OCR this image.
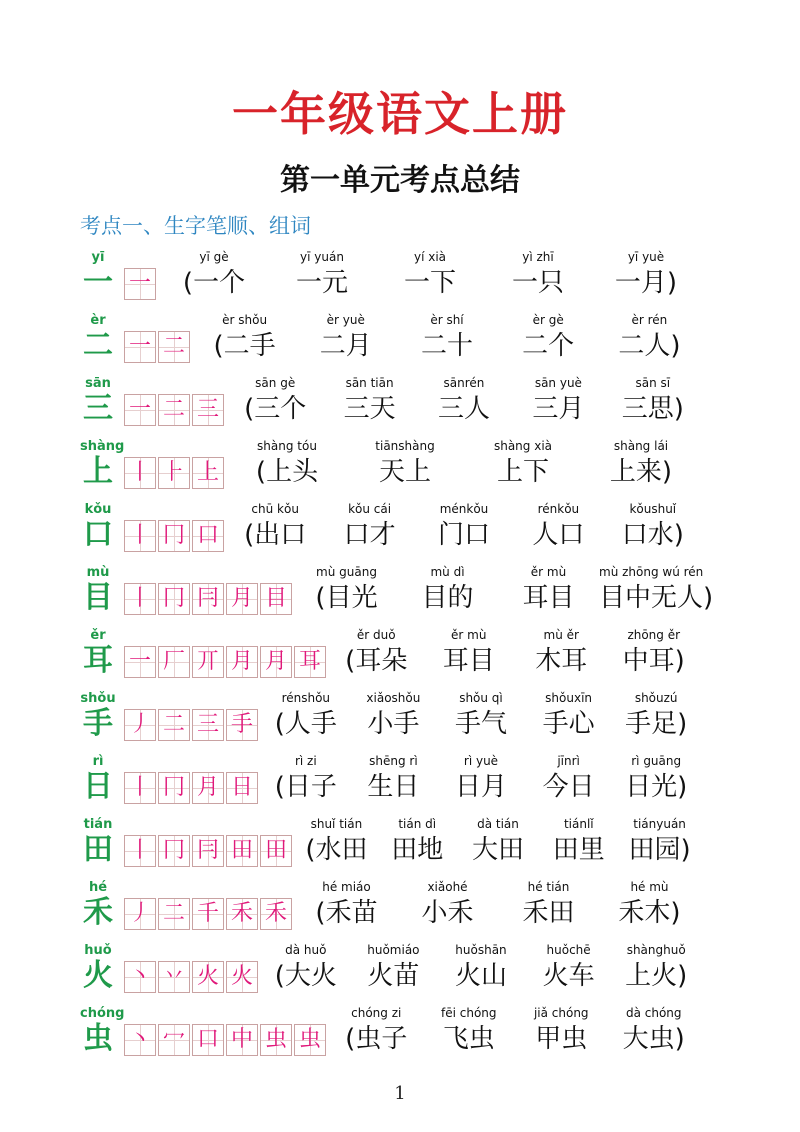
一年级语文上册
第一单元考点总结
考点一、生字笔顺、组词
yī
一 一
yī gè
(一个
yī yuán
一元
yí xià
一下
yì zhī
一只
yī yuè
一月)
èr
二 一 二
èr shǒu
(二手
èr yuè
二月
èr shí
二十
èr gè
二个
èr rén
二人)
sān
三 一 二 三
sān gè
(三个
sān tiān
三天
sānrén
三人
sān yuè
三月
sān sī
三思)
shàng
上 丨 ⺊ 上
shàng tóu
(上头
tiānshàng
天上
shàng xià
上下
shàng lái
上来)
kǒu
口 丨 冂 口
chū kǒu
(出口
kǒu cái
口才
ménkǒu
门口
rénkǒu
人口
kǒushuǐ
口水)
mù
目 丨 冂 冃 月 目
mù guāng
(目光
mù dì
目的
ěr mù
耳目
mù zhōng wú rén
目中无人)
ěr
耳 一 厂 丌 月 月 耳
ěr duǒ
(耳朵
ěr mù
耳目
mù ěr
木耳
zhōng ěr
中耳)
shǒu
手 丿 二 三 手
rénshǒu
(人手
xiǎoshǒu
小手
shǒu qì
手气
shǒuxīn
手心
shǒuzú
手足)
rì
日 丨 冂 月 日
rì zi
(日子
shēng rì
生日
rì yuè
日月
jīnrì
今日
rì guāng
日光)
tián
田 丨 冂 冃 田 田
shuǐ tián
(水田
tián dì
田地
dà tián
大田
tiánlǐ
田里
tiányuán
田园)
hé
禾 丿 二 千 禾 禾
hé miáo
(禾苗
xiǎohé
小禾
hé tián
禾田
hé mù
禾木)
huǒ
火 丶 丷 火 火
dà huǒ
(大火
huǒmiáo
火苗
huǒshān
火山
huǒchē
火车
shànghuǒ
上火)
chóng
虫 丶 冖 口 中 虫 虫
chóng zi
(虫子
fēi chóng
飞虫
jiǎ chóng
甲虫
dà chóng
大虫)
1
